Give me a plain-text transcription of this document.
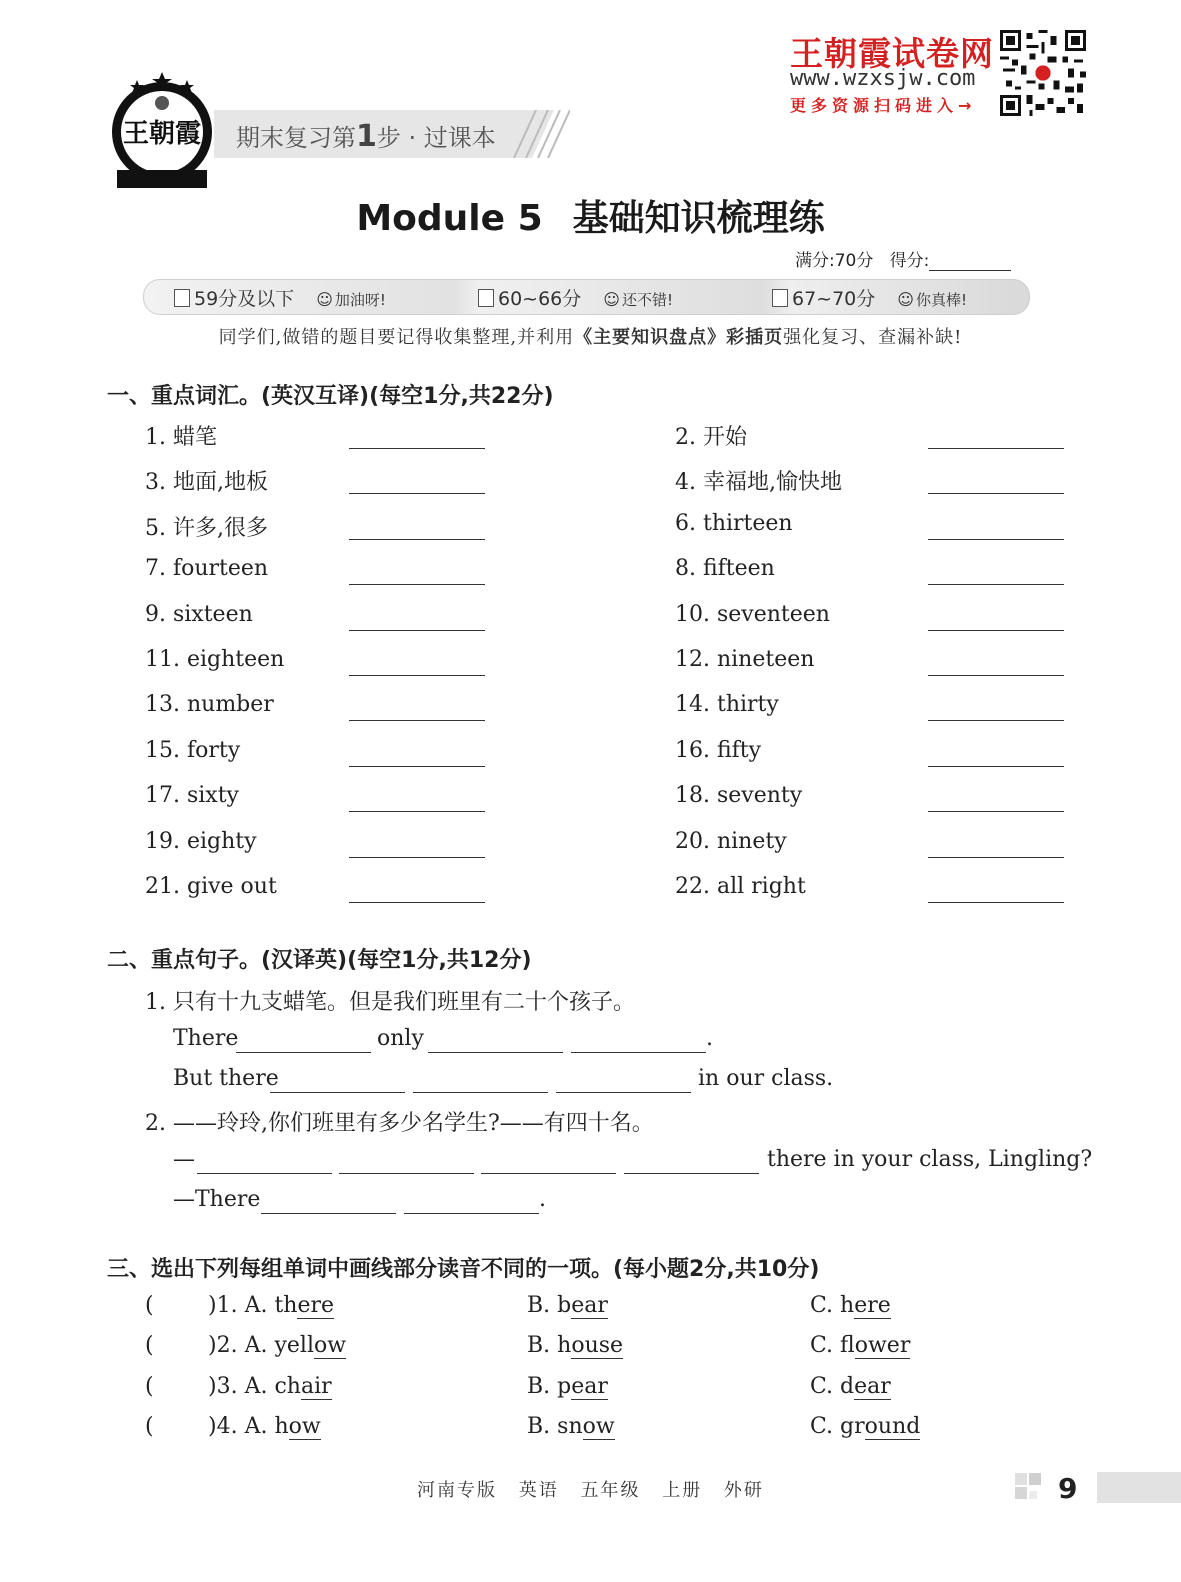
王朝霞 期末复习第1步 · 过课本
王朝霞试卷网
www.wzxsjw.com
更多资源扫码进入→
Module 5 基础知识梳理练
满分:70分 得分:
59分及以下 ☺ 加油呀!	60~66分 ☺ 还不错!	67~70分 ☺ 你真棒!
同学们,做错的题目要记得收集整理,并利用《主要知识盘点》彩插页强化复习、查漏补缺!
一、重点词汇。(英汉互译)(每空1分,共22分)
1. 蜡笔	2. 开始
3. 地面,地板	4. 幸福地,愉快地
5. 许多,很多	6. thirteen
7. fourteen	8. fifteen
9. sixteen	10. seventeen
11. eighteen	12. nineteen
13. number	14. thirty
15. forty	16. fifty
17. sixty	18. seventy
19. eighty	20. ninety
21. give out	22. all right
二、重点句子。(汉译英)(每空1分,共12分)
1. 只有十九支蜡笔。但是我们班里有二十个孩子。
There	only	.
But there	in our class.
2. ——玲玲,你们班里有多少名学生?——有四十名。
—	there in your class, Lingling?
—There	.
三、选出下列每组单词中画线部分读音不同的一项。(每小题2分,共10分)
( )1. A. there	B. bear	C. here
( )2. A. yellow	B. house	C. flower
( )3. A. chair	B. pear	C. dear
( )4. A. how	B. snow	C. ground
河南专版 英语 五年级 上册 外研	9
